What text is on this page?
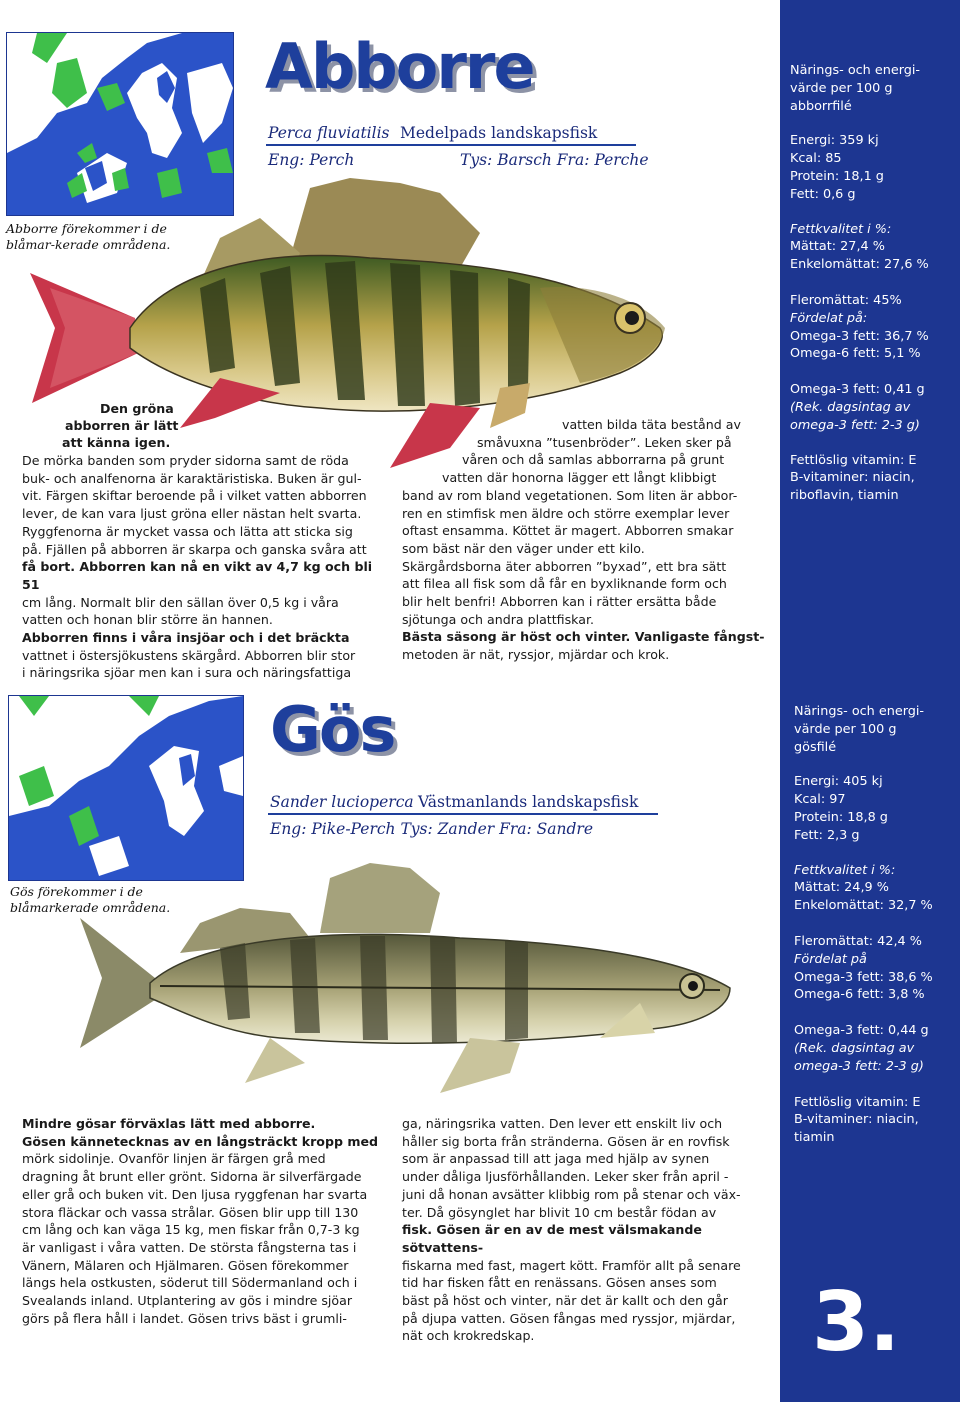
Närings- och energi-

värde per 100 g

abborrfilé

Energi: 359 kj

Kcal: 85

Protein: 18,1 g

Fett: 0,6 g

Fettkvalitet i %:

Mättat: 27,4 %

Enkelomättat: 27,6 %

Fleromättat: 45%

Fördelat på:

Omega-3 fett: 36,7 %

Omega-6 fett: 5,1 %

Omega-3 fett: 0,41 g

(Rek. dagsintag av

omega-3 fett: 2-3 g)

Fettlöslig vitamin: E

B-vitaminer: niacin,

riboflavin, tiamin

Närings- och energi-

värde per 100 g

gösfilé

Energi: 405 kj

Kcal: 97

Protein: 18,8 g

Fett: 2,3 g

Fettkvalitet i %:

Mättat: 24,9 %

Enkelomättat: 32,7 %

Fleromättat: 42,4 %

Fördelat på

Omega-3 fett: 38,6 %

Omega-6 fett: 3,8 %

Omega-3 fett: 0,44 g

(Rek. dagsintag av

omega-3 fett: 2-3 g)

Fettlöslig vitamin: E

B-vitaminer: niacin,

tiamin

3.
Abborre förekommer i de blåmar-kerade områdena.
Abborre
Perca fluviatilis Medelpads landskapsfisk
Eng: Perch	Tys: Barsch Fra: Perche

Den gröna

abborren är lätt

att känna igen.

De mörka banden som pryder sidorna samt de röda

buk- och analfenorna är karaktäristiska. Buken är gul-

vit. Färgen skiftar beroende på i vilket vatten abborren

lever, de kan vara ljust gröna eller nästan helt svarta.

Ryggfenorna är mycket vassa och lätta att sticka sig

på. Fjällen på abborren är skarpa och ganska svåra att

få bort. Abborren kan nå en vikt av 4,7 kg och bli 51

cm lång. Normalt blir den sällan över 0,5 kg i våra

vatten och honan blir större än hannen.

Abborren finns i våra insjöar och i det bräckta

vattnet i östersjökustens skärgård. Abborren blir stor

i näringsrika sjöar men kan i sura och näringsfattiga

vatten bilda täta bestånd av

småvuxna ”tusenbröder”. Leken sker på

våren och då samlas abborrarna på grunt

vatten där honorna lägger ett långt klibbigt

band av rom bland vegetationen. Som liten är abbor-

ren en stimfisk men äldre och större exemplar lever

oftast ensamma. Köttet är magert. Abborren smakar

som bäst när den väger under ett kilo.

Skärgårdsborna äter abborren ”byxad”, ett bra sätt

att filea all fisk som då får en byxliknande form och

blir helt benfri! Abborren kan i rätter ersätta både

sjötunga och andra plattfiskar.

Bästa säsong är höst och vinter. Vanligaste fångst-

metoden är nät, ryssjor, mjärdar och krok.

Gös förekommer i de blåmarkerade områdena.
Gös
Sander lucioperca Västmanlands landskapsfisk
Eng: Pike-Perch Tys: Zander Fra: Sandre

Mindre gösar förväxlas lätt med abborre.

Gösen kännetecknas av en långsträckt kropp med

mörk sidolinje. Ovanför linjen är färgen grå med

dragning åt brunt eller grönt. Sidorna är silverfärgade

eller grå och buken vit. Den ljusa ryggfenan har svarta

stora fläckar och vassa strålar. Gösen blir upp till 130

cm lång och kan väga 15 kg, men fiskar från 0,7-3 kg

är vanligast i våra vatten. De största fångsterna tas i

Vänern, Mälaren och Hjälmaren. Gösen förekommer

längs hela ostkusten, söderut till Södermanland och i

Svealands inland. Utplantering av gös i mindre sjöar

görs på flera håll i landet. Gösen trivs bäst i grumli-

ga, näringsrika vatten. Den lever ett enskilt liv och

håller sig borta från stränderna. Gösen är en rovfisk

som är anpassad till att jaga med hjälp av synen

under dåliga ljusförhållanden. Leker sker från april -

juni då honan avsätter klibbig rom på stenar och väx-

ter. Då gösynglet har blivit 10 cm består födan av

fisk. Gösen är en av de mest välsmakande sötvattens-

fiskarna med fast, magert kött. Framför allt på senare

tid har fisken fått en renässans. Gösen anses som

bäst på höst och vinter, när det är kallt och den går

på djupa vatten. Gösen fångas med ryssjor, mjärdar,

nät och krokredskap.
